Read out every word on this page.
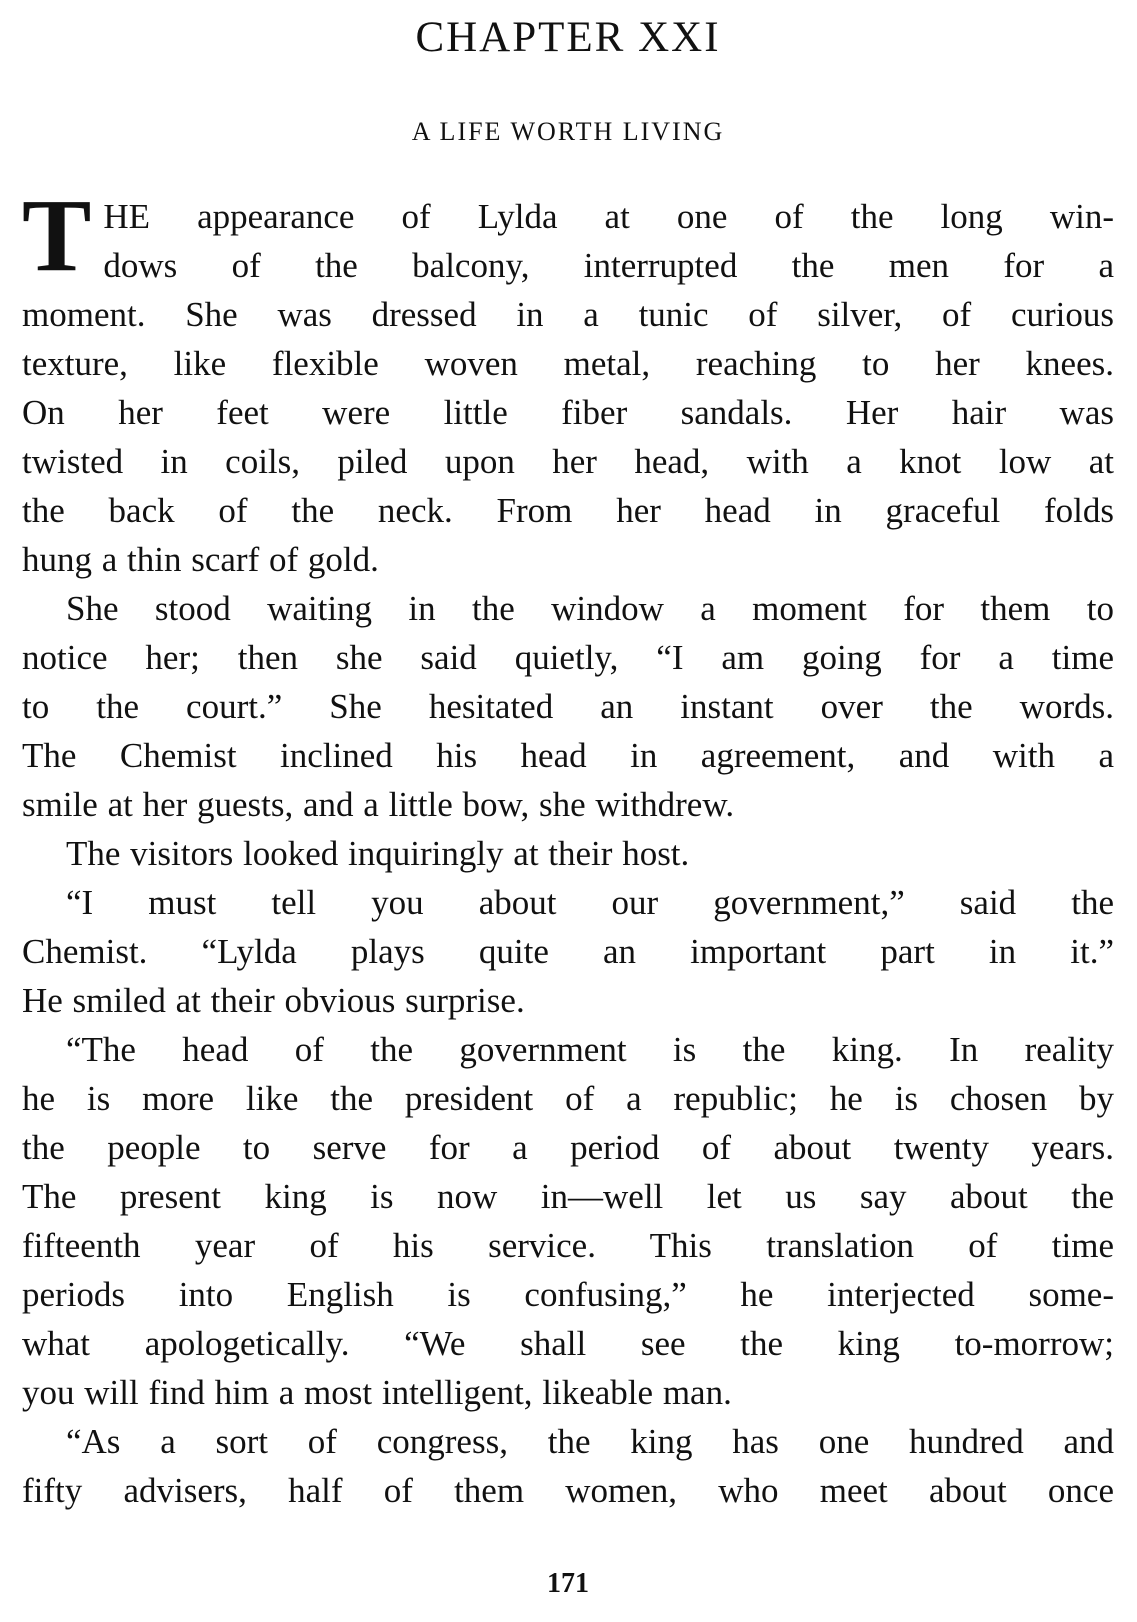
CHAPTER XXI
A LIFE WORTH LIVING

T HE appearance of Lylda at one of the long win-
dows of the balcony, interrupted the men for a
moment. She was dressed in a tunic of silver, of curious
texture, like flexible woven metal, reaching to her knees.
On her feet were little fiber sandals. Her hair was
twisted in coils, piled upon her head, with a knot low at
the back of the neck. From her head in graceful folds

hung a thin scarf of gold.

She stood waiting in the window a moment for them to
notice her; then she said quietly, “I am going for a time
to the court.” She hesitated an instant over the words.
The Chemist inclined his head in agreement, and with a

smile at her guests, and a little bow, she withdrew.

The visitors looked inquiringly at their host.

“I must tell you about our government,” said the
Chemist. “Lylda plays quite an important part in it.”

He smiled at their obvious surprise.

“The head of the government is the king. In reality
he is more like the president of a republic; he is chosen by
the people to serve for a period of about twenty years.
The present king is now in—well let us say about the
fifteenth year of his service. This translation of time
periods into English is confusing,” he interjected some-
what apologetically. “We shall see the king to-morrow;

you will find him a most intelligent, likeable man.

“As a sort of congress, the king has one hundred and
fifty advisers, half of them women, who meet about once

171
